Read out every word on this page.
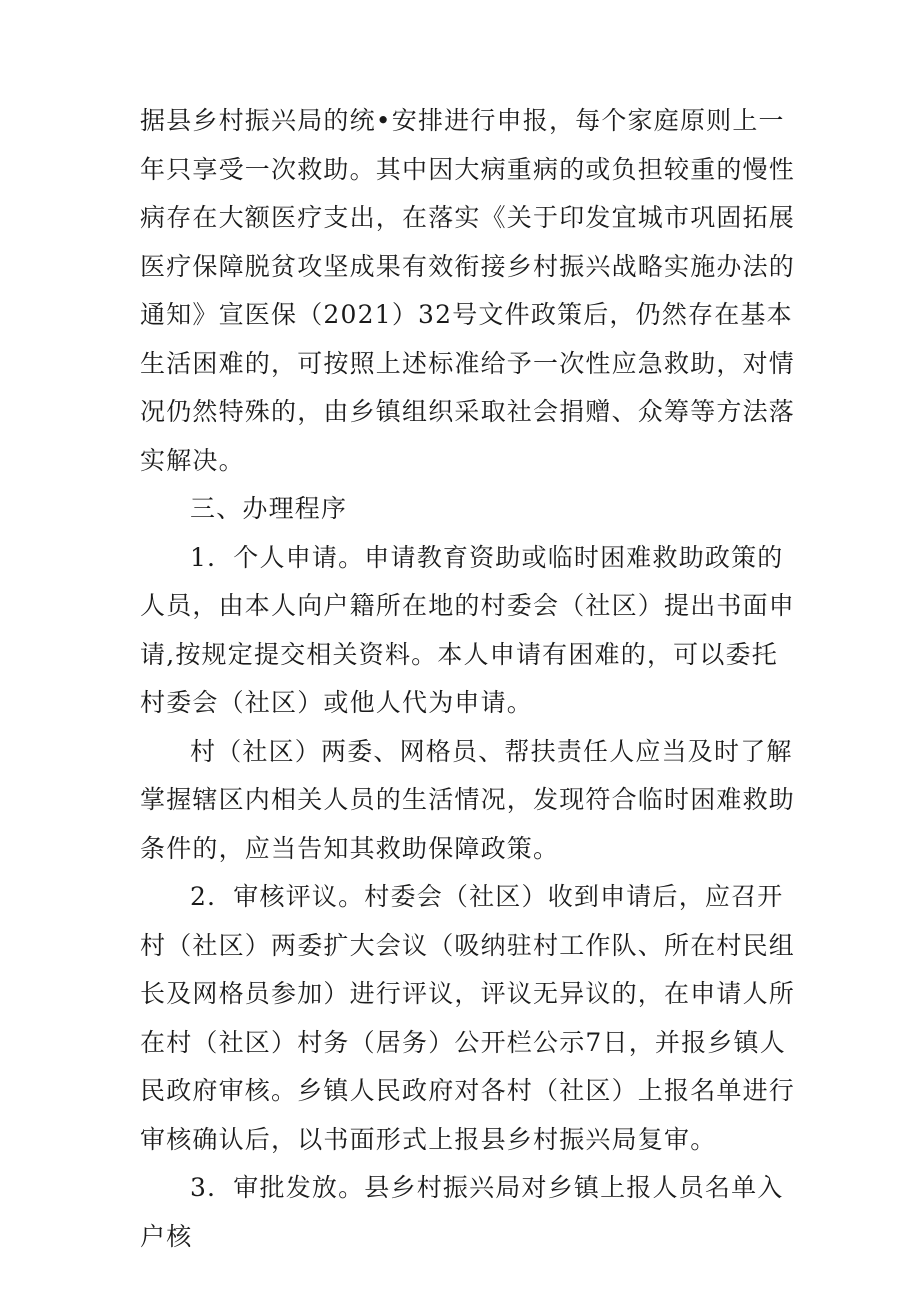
据县乡村振兴局的统•安排进行申报，每个家庭原则上一年只享受一次救助。其中因大病重病的或负担较重的慢性病存在大额医疗支出，在落实《关于印发宜城市巩固拓展医疗保障脱贫攻坚成果有效衔接乡村振兴战略实施办法的通知》宣医保（2021）32号文件政策后，仍然存在基本生活困难的，可按照上述标准给予一次性应急救助，对情况仍然特殊的，由乡镇组织采取社会捐赠、众筹等方法落实解决。

三、办理程序

1．个人申请。申请教育资助或临时困难救助政策的人员，由本人向户籍所在地的村委会（社区）提出书面申请,按规定提交相关资料。本人申请有困难的，可以委托村委会（社区）或他人代为申请。

村（社区）两委、网格员、帮扶责任人应当及时了解掌握辖区内相关人员的生活情况，发现符合临时困难救助条件的，应当告知其救助保障政策。

2．审核评议。村委会（社区）收到申请后，应召开村（社区）两委扩大会议（吸纳驻村工作队、所在村民组长及网格员参加）进行评议，评议无异议的，在申请人所在村（社区）村务（居务）公开栏公示7日，并报乡镇人民政府审核。乡镇人民政府对各村（社区）上报名单进行审核确认后，以书面形式上报县乡村振兴局复审。

3．审批发放。县乡村振兴局对乡镇上报人员名单入户核
